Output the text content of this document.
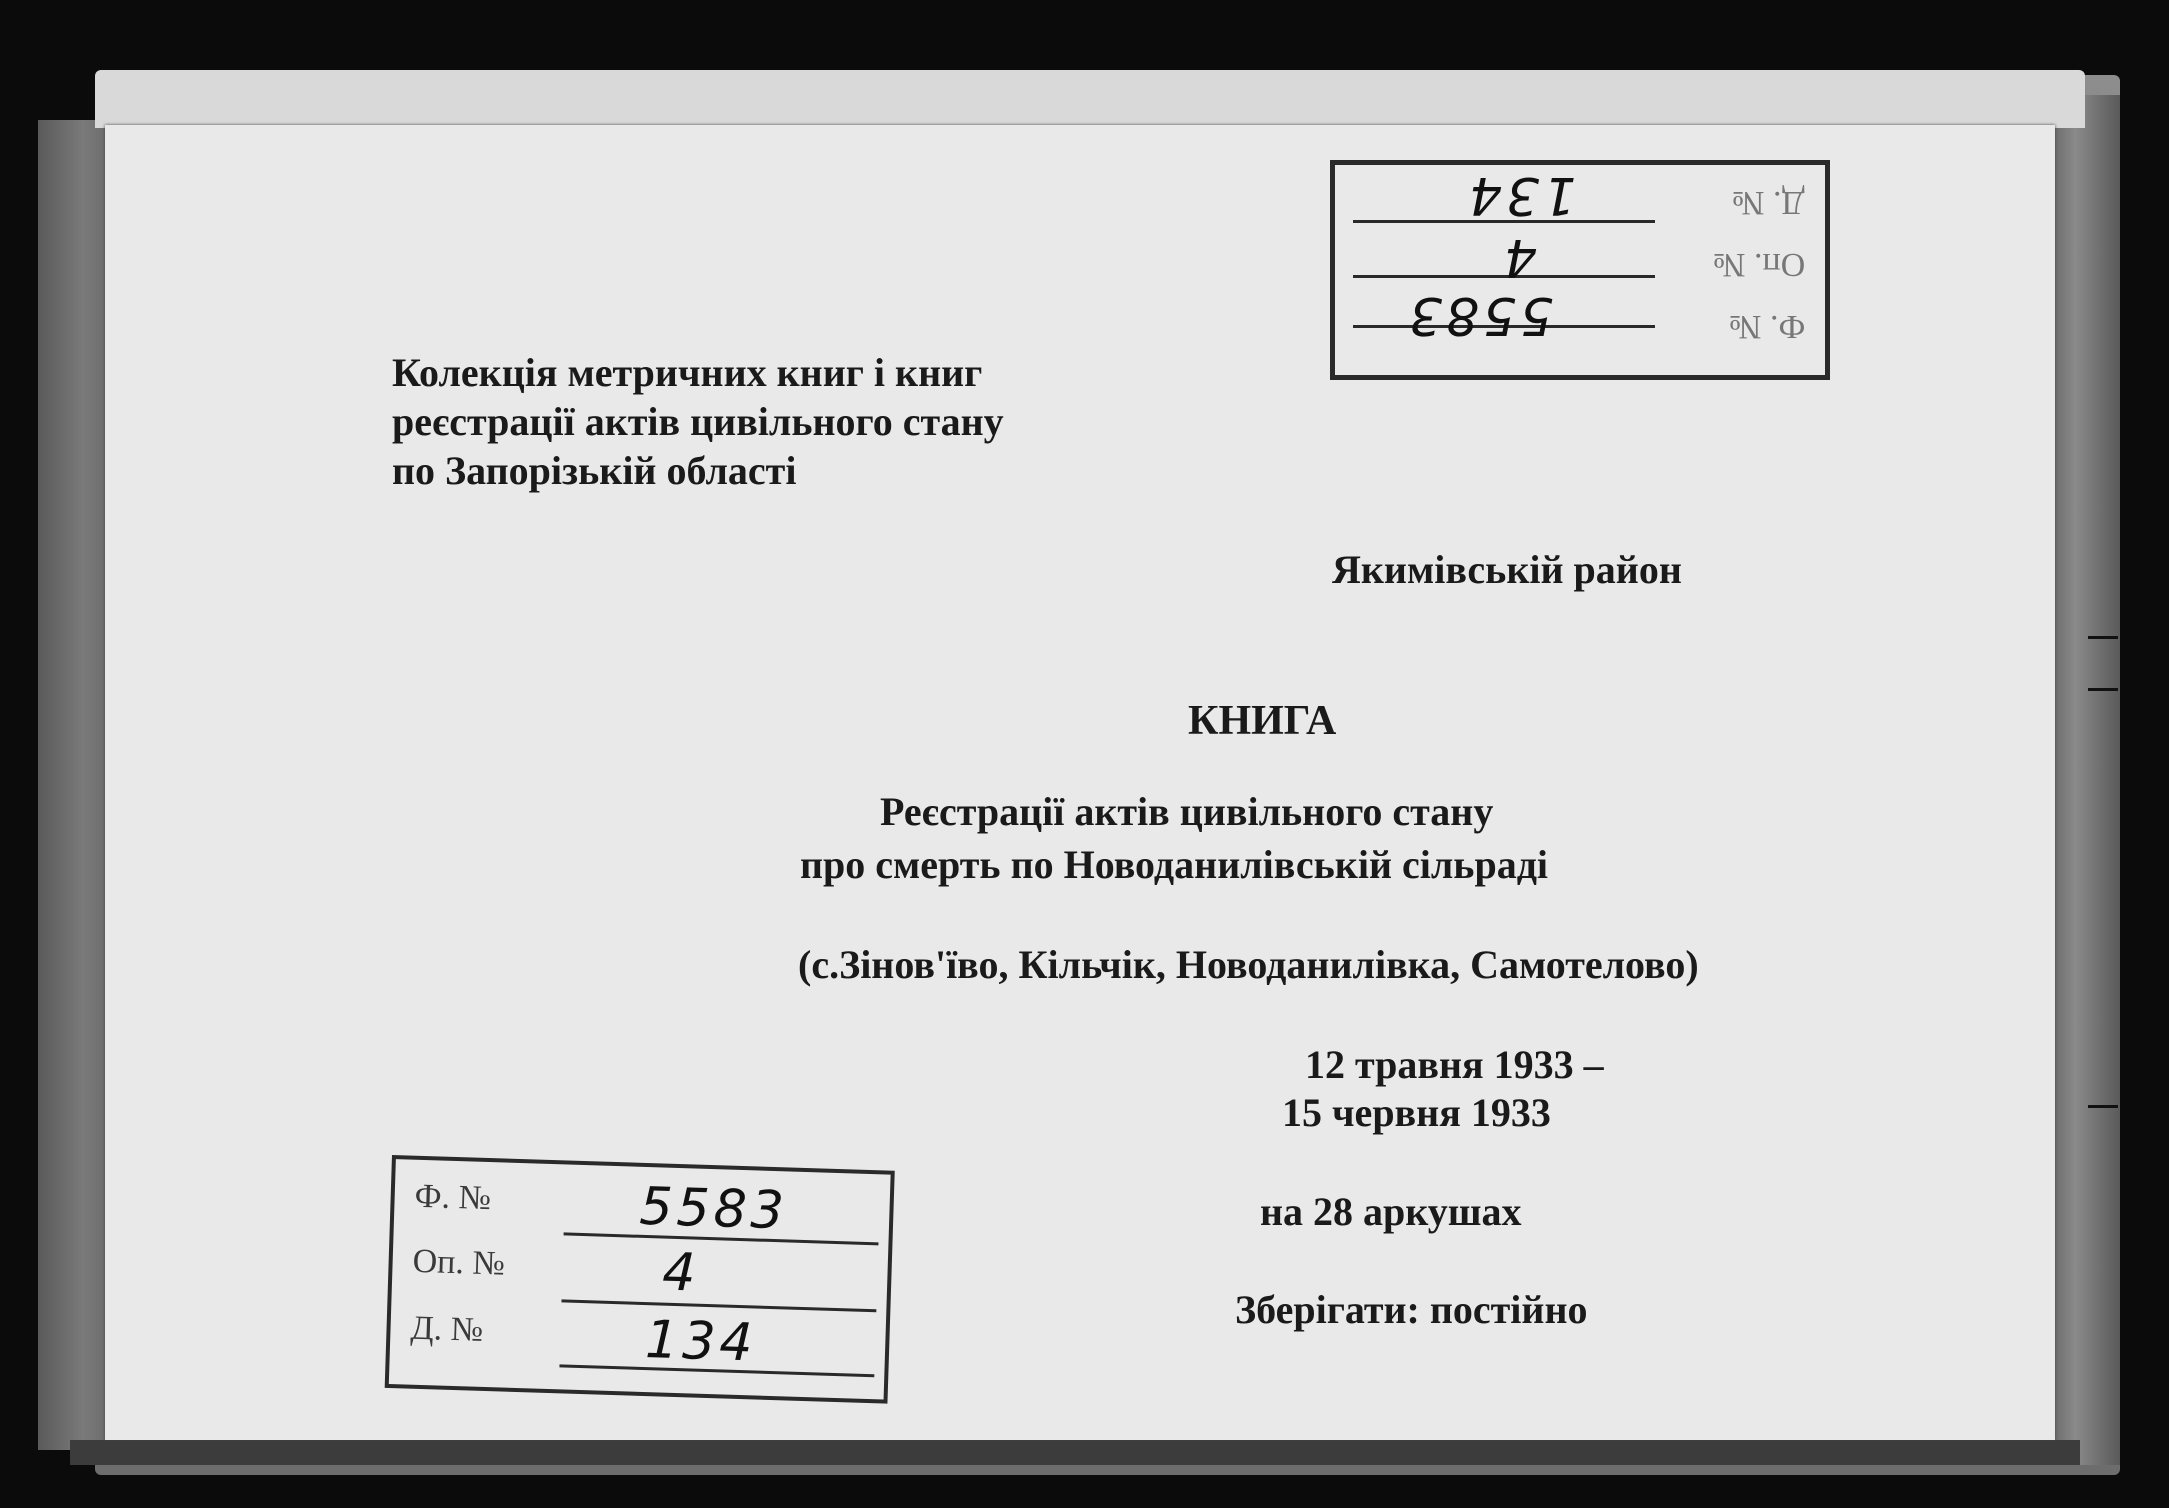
Колекція метричних книг і книг
реєстрації актів цивільного стану
по Запорізькій області
Якимівській район
КНИГА
Реєстрації актів цивільного стану
про смерть по Новоданилівській сільраді
(с.Зінов'їво, Кільчік, Новоданилівка, Самотелово)
12 травня 1933 –
15 червня 1933
на 28 аркушах
Зберігати: постійно
Д. №
Оп. №
Ф. №
134
4
5583
Ф. №
Оп. №
Д. №
5583
4
134
